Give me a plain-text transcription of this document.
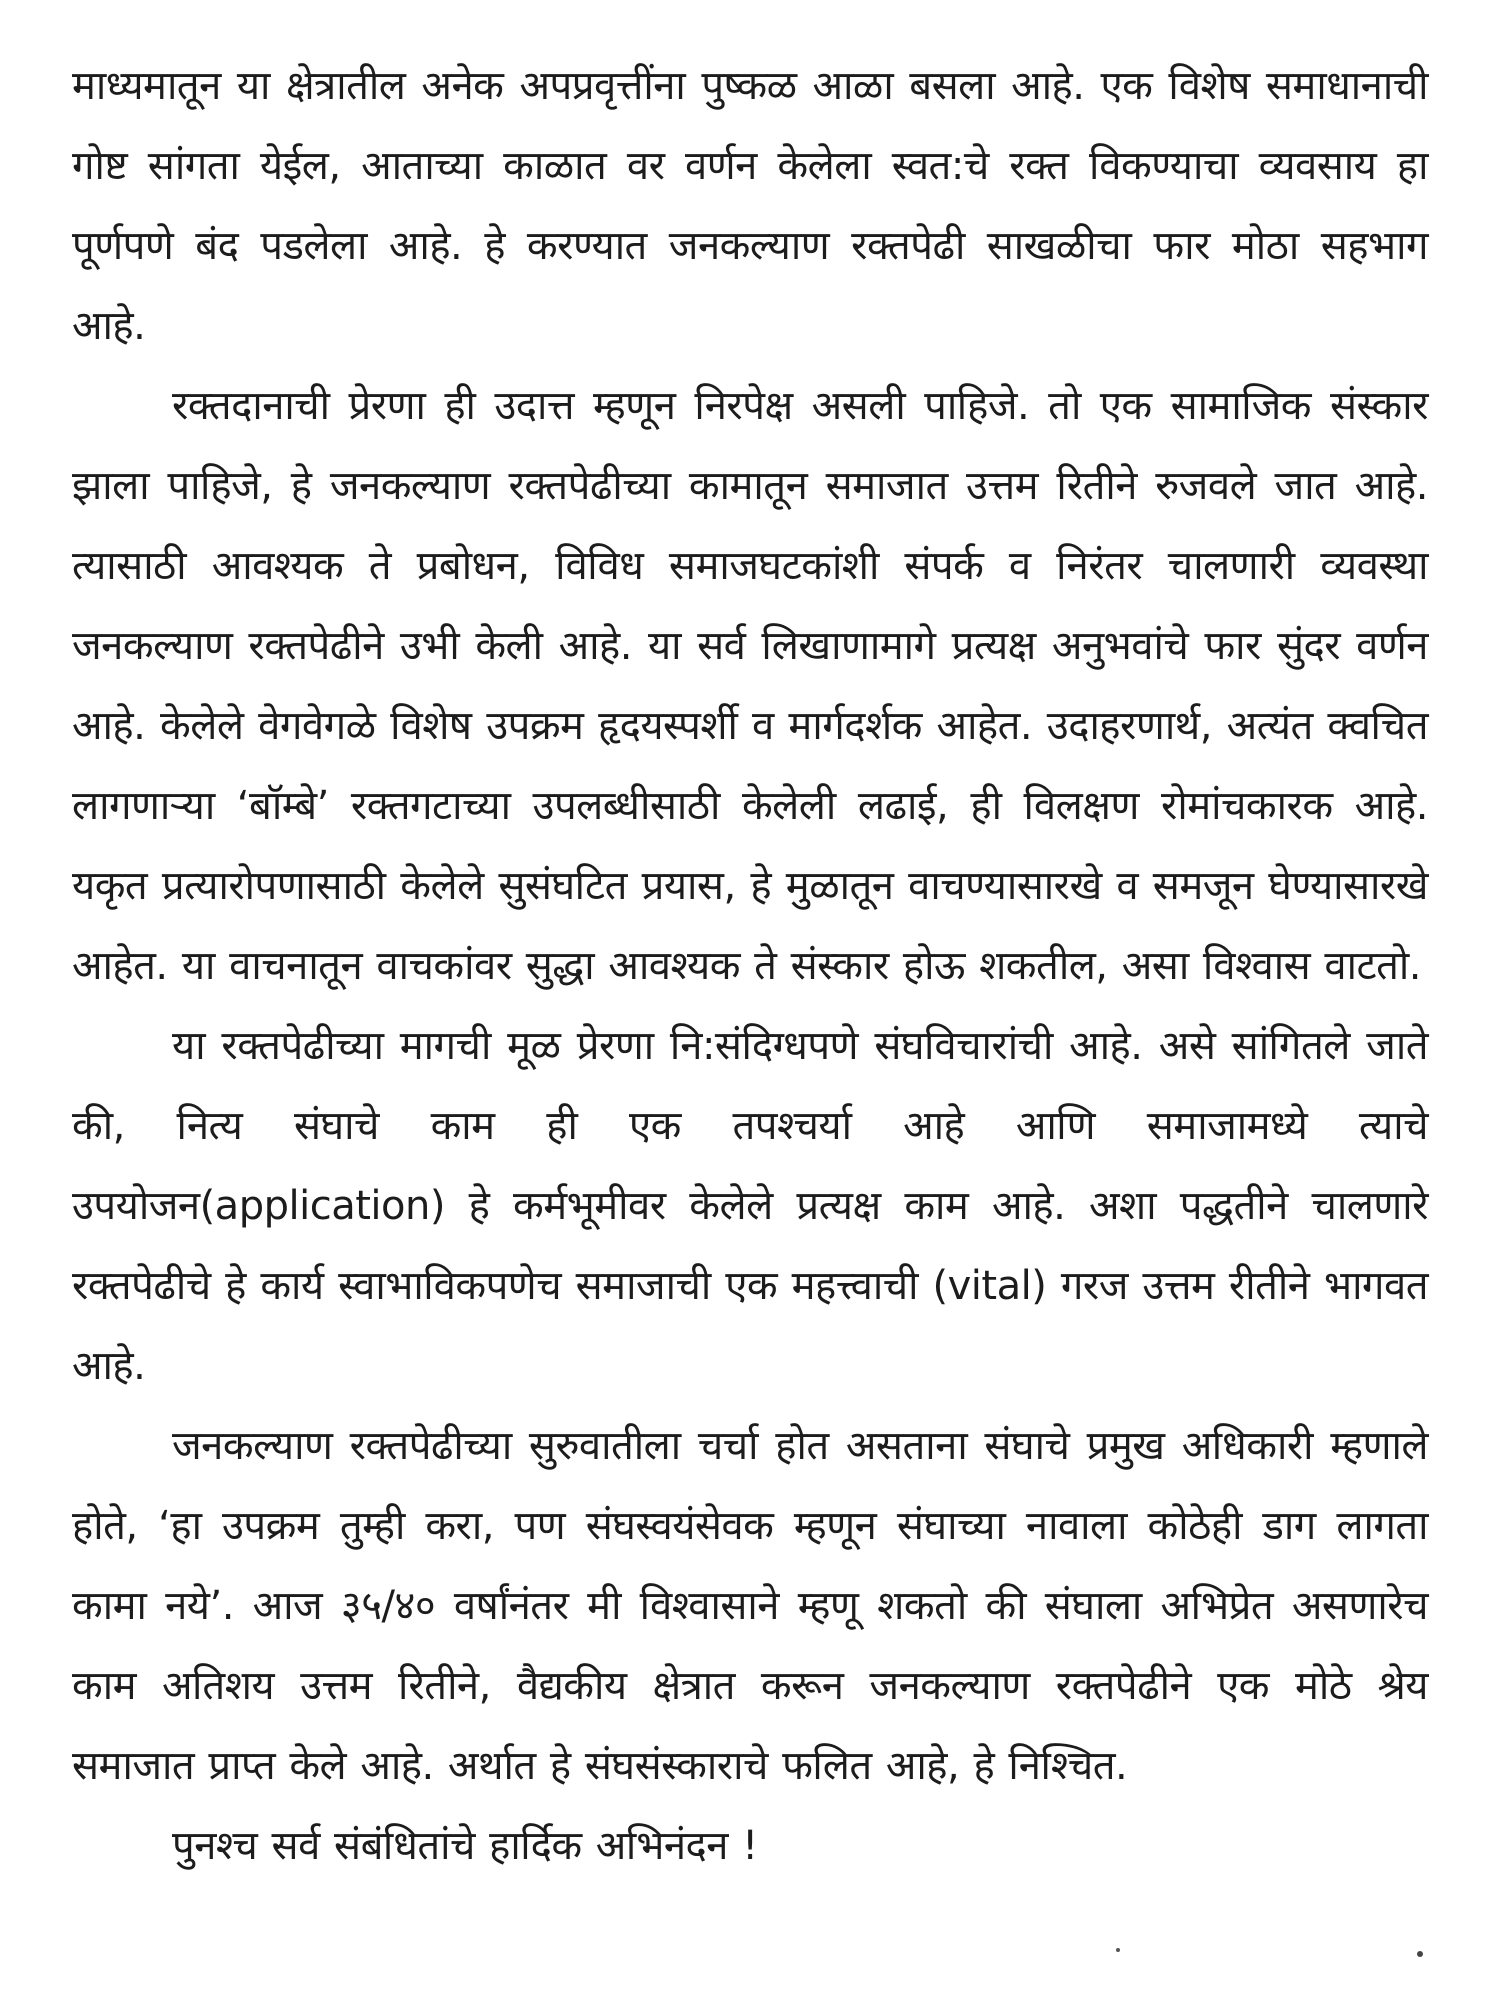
माध्यमातून या क्षेत्रातील अनेक अपप्रवृत्तींना पुष्कळ आळा बसला आहे. एक विशेष समाधानाची गोष्ट सांगता येईल, आताच्या काळात वर वर्णन केलेला स्वत:चे रक्त विकण्याचा व्यवसाय हा पूर्णपणे बंद पडलेला आहे. हे करण्यात जनकल्याण रक्तपेढी साखळीचा फार मोठा सहभाग आहे.

रक्तदानाची प्रेरणा ही उदात्त म्हणून निरपेक्ष असली पाहिजे. तो एक सामाजिक संस्कार झाला पाहिजे, हे जनकल्याण रक्तपेढीच्या कामातून समाजात उत्तम रितीने रुजवले जात आहे. त्यासाठी आवश्यक ते प्रबोधन, विविध समाजघटकांशी संपर्क व निरंतर चालणारी व्यवस्था जनकल्याण रक्तपेढीने उभी केली आहे. या सर्व लिखाणामागे प्रत्यक्ष अनुभवांचे फार सुंदर वर्णन आहे. केलेले वेगवेगळे विशेष उपक्रम हृदयस्पर्शी व मार्गदर्शक आहेत. उदाहरणार्थ, अत्यंत क्वचित लागणाऱ्या ‘बॉम्बे’ रक्तगटाच्या उपलब्धीसाठी केलेली लढाई, ही विलक्षण रोमांचकारक आहे. यकृत प्रत्यारोपणासाठी केलेले सुसंघटित प्रयास, हे मुळातून वाचण्यासारखे व समजून घेण्यासारखे आहेत. या वाचनातून वाचकांवर सुद्धा आवश्यक ते संस्कार होऊ शकतील, असा विश्वास वाटतो.

या रक्तपेढीच्या मागची मूळ प्रेरणा नि:संदिग्धपणे संघविचारांची आहे. असे सांगितले जाते की, नित्य संघाचे काम ही एक तपश्चर्या आहे आणि समाजामध्ये त्याचे उपयोजन(application) हे कर्मभूमीवर केलेले प्रत्यक्ष काम आहे. अशा पद्धतीने चालणारे रक्तपेढीचे हे कार्य स्वाभाविकपणेच समाजाची एक महत्त्वाची (vital) गरज उत्तम रीतीने भागवत आहे.

जनकल्याण रक्तपेढीच्या सुरुवातीला चर्चा होत असताना संघाचे प्रमुख अधिकारी म्हणाले होते, ‘हा उपक्रम तुम्ही करा, पण संघस्वयंसेवक म्हणून संघाच्या नावाला कोठेही डाग लागता कामा नये’. आज ३५/४० वर्षांनंतर मी विश्वासाने म्हणू शकतो की संघाला अभिप्रेत असणारेच काम अतिशय उत्तम रितीने, वैद्यकीय क्षेत्रात करून जनकल्याण रक्तपेढीने एक मोठे श्रेय समाजात प्राप्त केले आहे. अर्थात हे संघसंस्काराचे फलित आहे, हे निश्चित.

पुनश्च सर्व संबंधितांचे हार्दिक अभिनंदन !
